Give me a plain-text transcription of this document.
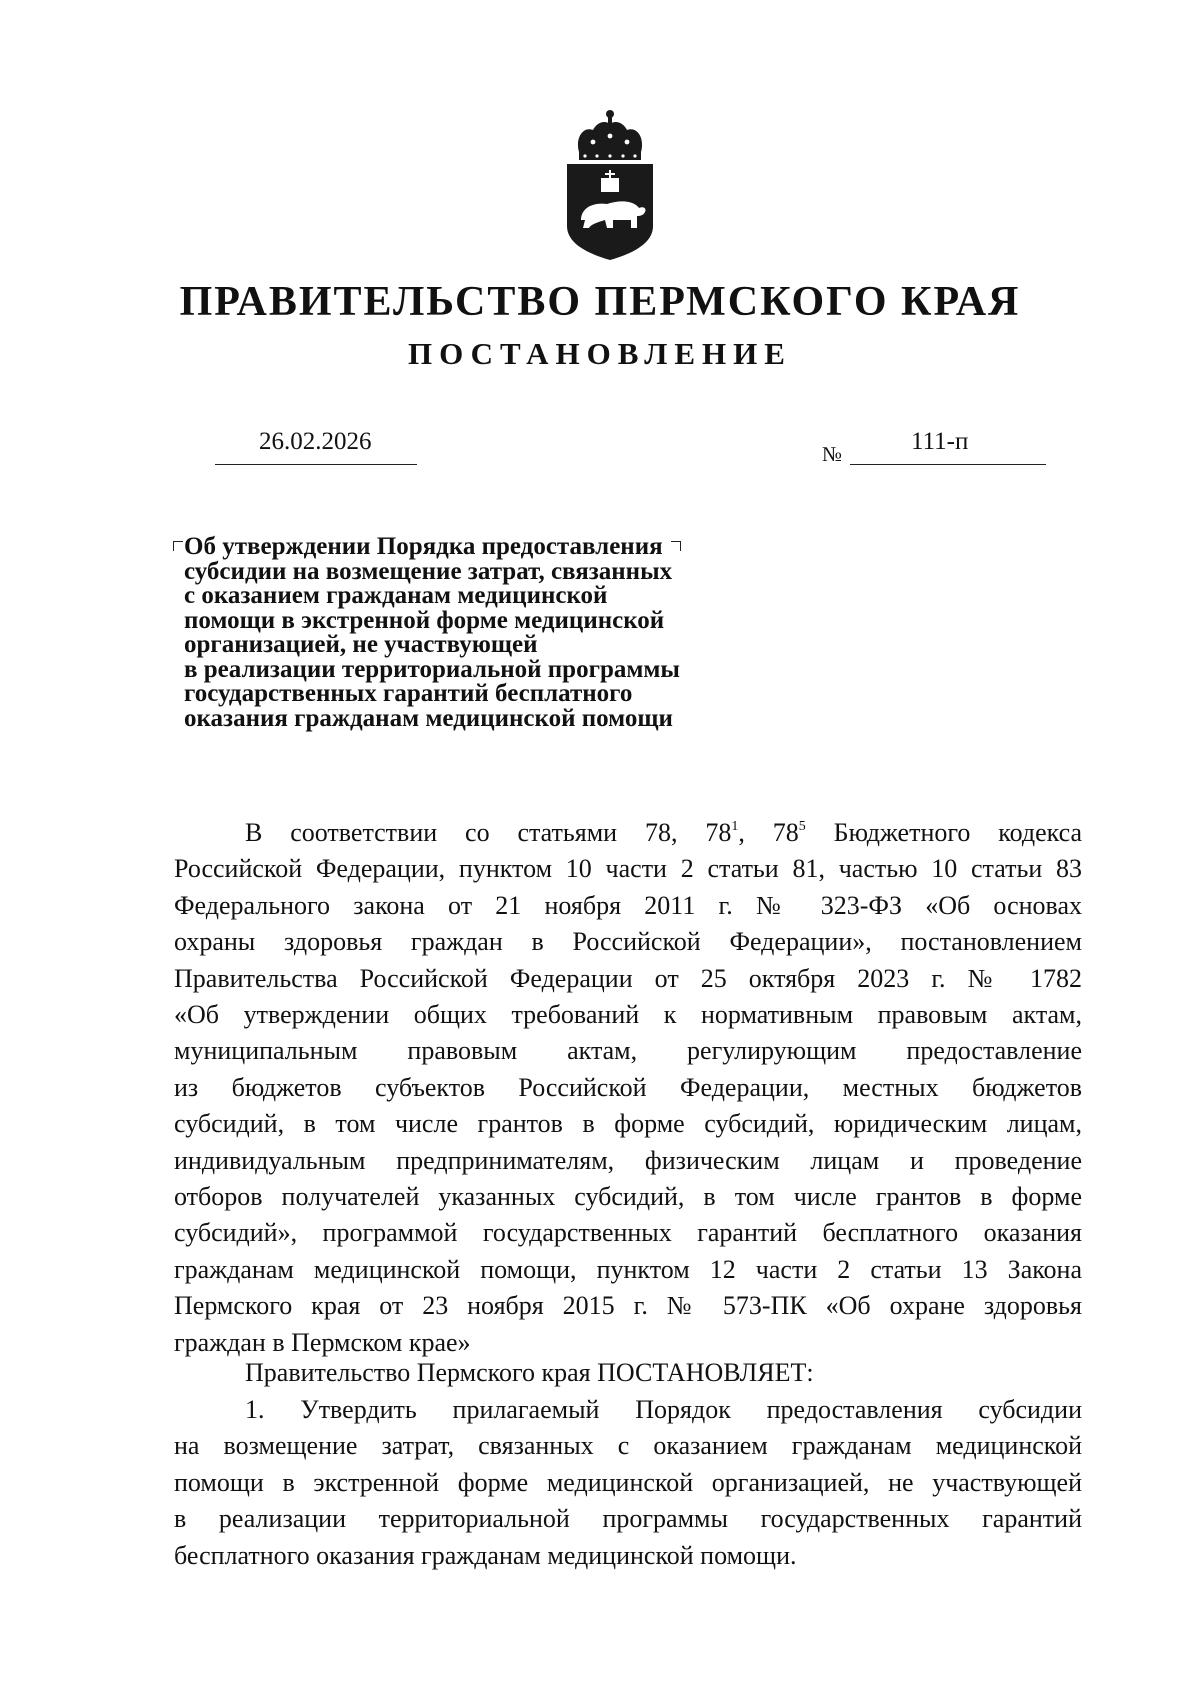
ПРАВИТЕЛЬСТВО ПЕРМСКОГО КРАЯ
ПОСТАНОВЛЕНИЕ
26.02.2026	№	111-п
Об утверждении Порядка предоставления
субсидии на возмещение затрат, связанных
с оказанием гражданам медицинской
помощи в экстренной форме медицинской
организацией, не участвующей
в реализации территориальной программы
государственных гарантий бесплатного
оказания гражданам медицинской помощи
В соответствии со статьями 78, $78^1$, $78^5$ Бюджетного кодекса
Российской Федерации, пунктом 10 части 2 статьи 81, частью 10 статьи 83
Федерального закона от 21 ноября 2011 г. № 323-ФЗ «Об основах
охраны здоровья граждан в Российской Федерации», постановлением
Правительства Российской Федерации от 25 октября 2023 г. № 1782
«Об утверждении общих требований к нормативным правовым актам,
муниципальным правовым актам, регулирующим предоставление
из бюджетов субъектов Российской Федерации, местных бюджетов
субсидий, в том числе грантов в форме субсидий, юридическим лицам,
индивидуальным предпринимателям, физическим лицам и проведение
отборов получателей указанных субсидий, в том числе грантов в форме
субсидий», программой государственных гарантий бесплатного оказания
гражданам медицинской помощи, пунктом 12 части 2 статьи 13 Закона
Пермского края от 23 ноября 2015 г. № 573-ПК «Об охране здоровья
граждан в Пермском крае»
Правительство Пермского края ПОСТАНОВЛЯЕТ:
1. Утвердить прилагаемый Порядок предоставления субсидии
на возмещение затрат, связанных с оказанием гражданам медицинской
помощи в экстренной форме медицинской организацией, не участвующей
в реализации территориальной программы государственных гарантий
бесплатного оказания гражданам медицинской помощи.
